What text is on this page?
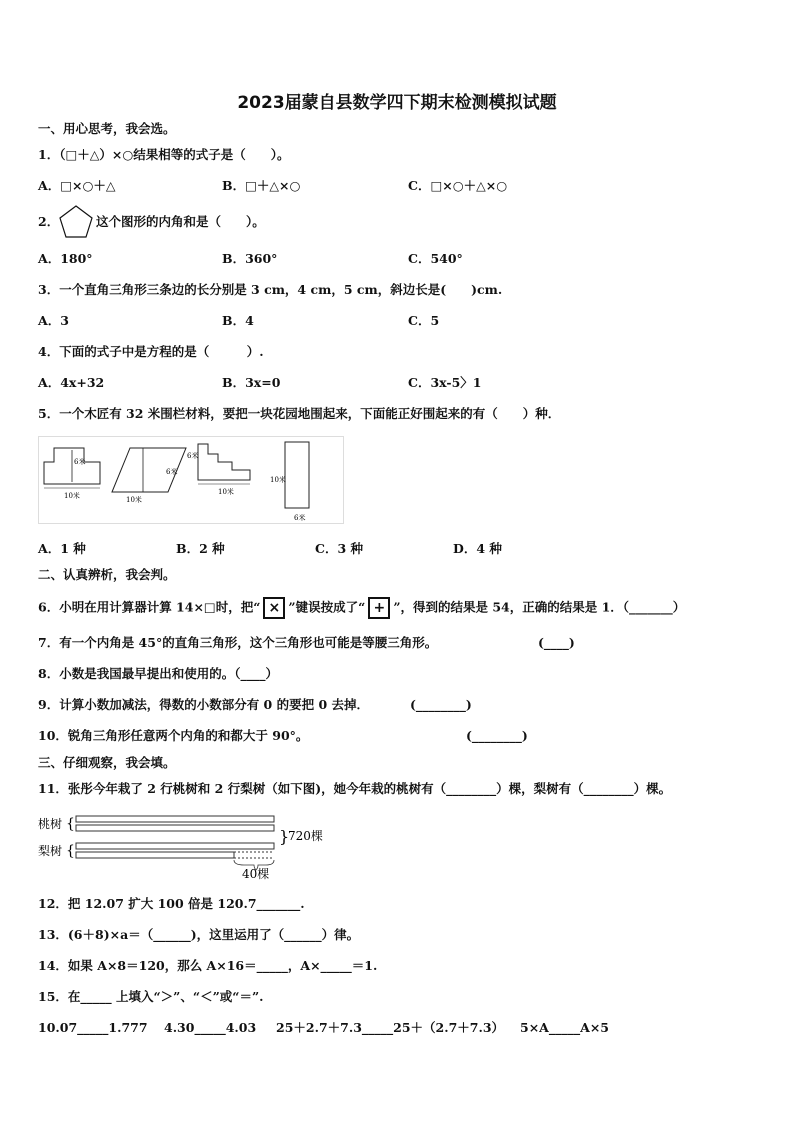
2023届蒙自县数学四下期末检测模拟试题
一、用心思考，我会选。
1．（□＋△）×○结果相等的式子是（　　）。
A．□×○＋△	B．□＋△×○	C．□×○＋△×○
2．	这个图形的内角和是（　　）。
A．180°	B．360°	C．540°
3．一个直角三角形三条边的长分别是 3 cm，4 cm，5 cm，斜边长是(　　)cm.
A．3	B．4	C．5
4．下面的式子中是方程的是（　　　）.
A．4x+32	B．3x=0	C．3x-5〉1
5．一个木匠有 32 米围栏材料，要把一块花园地围起来，下面能正好围起来的有（　　）种．
6米
6米
10米	10米
6米
10米
10米
6米
A．1 种	B．2 种	C．3 种	D．4 种
二、认真辨析，我会判。
6．小明在用计算器计算 14×□时，把“ × ”键误按成了“ + ”，得到的结果是 54，正确的结果是 1．（_______）
7．有一个内角是 45°的直角三角形，这个三角形也可能是等腰三角形。	(____)
8．小数是我国最早提出和使用的。（____）
9．计算小数加减法，得数的小数部分有 0 的要把 0 去掉．	(________)
10．锐角三角形任意两个内角的和都大于 90°。	(________)
三、仔细观察，我会填。
11．张彤今年栽了 2 行桃树和 2 行梨树（如下图)，她今年栽的桃树有（________）棵，梨树有（________）棵。
桃树
梨树
{
{
}
720棵
40棵
12．把 12.07 扩大 100 倍是 120.7_______.
13．(6＋8)×a＝（______)，这里运用了（______）律。
14．如果 A×8＝120，那么 A×16＝_____，A×_____＝1.
15．在_____ 上填入“＞”、“＜”或“＝”.
10.07_____1.777 4.30_____4.03 25＋2.7＋7.3_____25＋（2.7＋7.3） 5×A_____A×5
